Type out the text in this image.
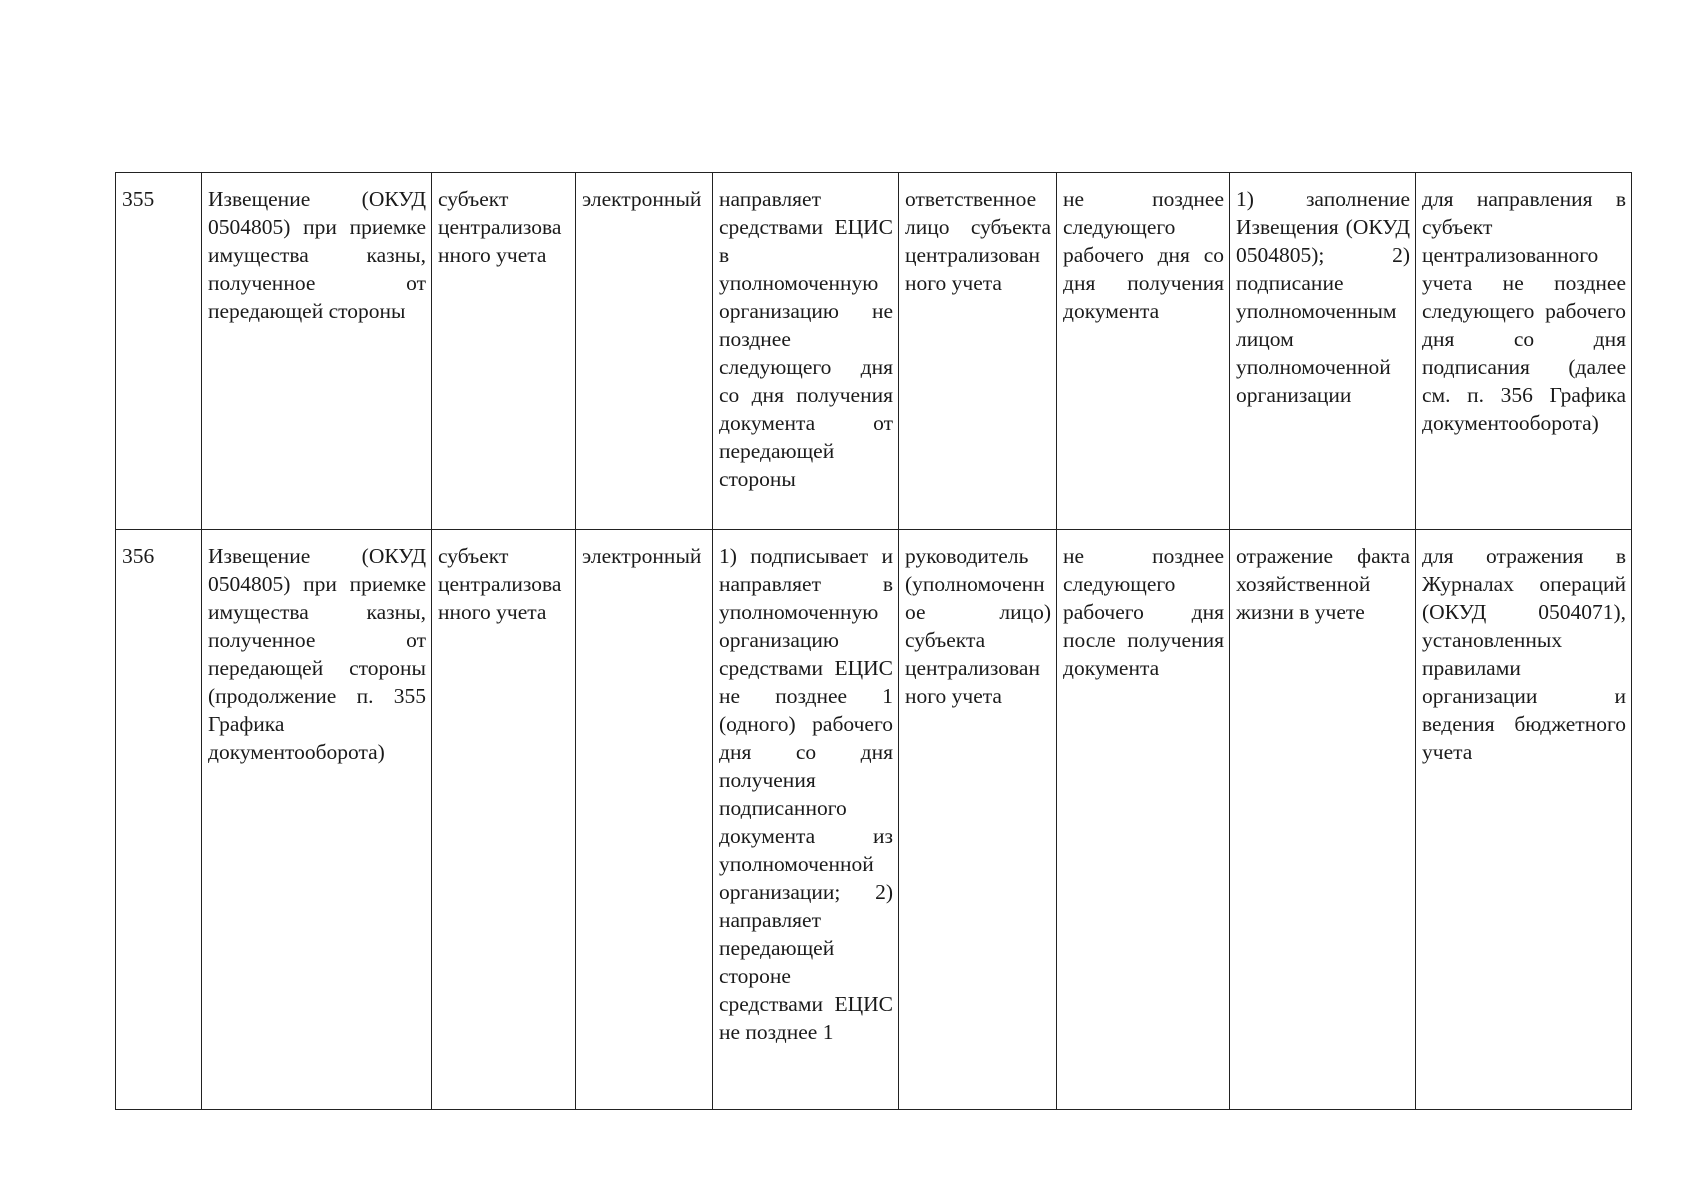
355	Извещение (ОКУД 0504805) при приемке имущества казны, полученное от передающей стороны	субъект централизованного учета	электронный	направляет средствами ЕЦИС в уполномоченную организацию не позднее следующего дня со дня получения документа от передающей стороны	ответственное лицо субъекта централизованного учета	не позднее следующего рабочего дня со дня получения документа	1) заполнение Извещения (ОКУД 0504805); 2) подписание уполномоченным лицом уполномоченной организации	для направления в субъект централизованного учета не позднее следующего рабочего дня со дня подписания (далее см. п. 356 Графика документооборота)

356	Извещение (ОКУД 0504805) при приемке имущества казны, полученное от передающей стороны (продолжение п. 355 Графика документооборота)	субъект централизованного учета	электронный	1) подписывает и направляет в уполномоченную организацию средствами ЕЦИС не позднее 1 (одного) рабочего дня со дня получения подписанного документа из уполномоченной организации; 2) направляет передающей стороне средствами ЕЦИС не позднее 1	руководитель (уполномоченное лицо) субъекта централизованного учета	не позднее следующего рабочего дня после получения документа	отражение факта хозяйственной жизни в учете	для отражения в Журналах операций (ОКУД 0504071), установленных правилами организации и ведения бюджетного учета
